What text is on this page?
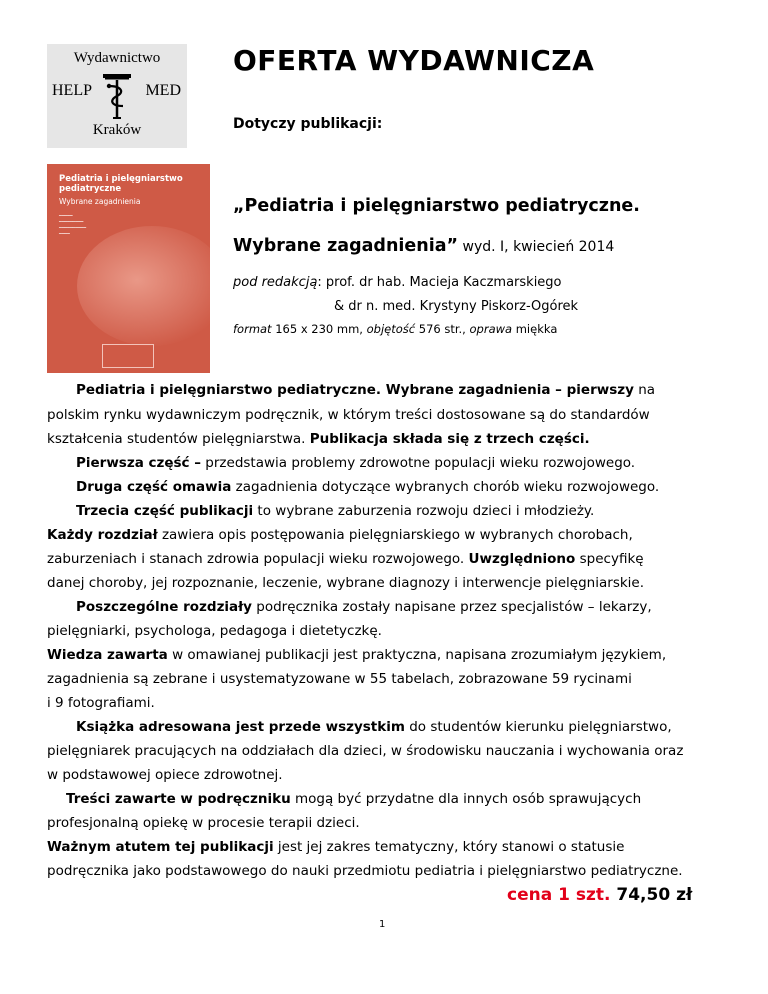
Wydawnictwo
HELP	MED
Kraków
OFERTA WYDAWNICZA
Dotyczy publikacji:
Pediatria i pielęgniarstwo
pediatryczne
Wybrane zagadnienia
━━━━━
━━━━━━━━━
━━━━━━━━━━
━━━━
„Pediatria i pielęgniarstwo pediatryczne.
Wybrane zagadnienia” wyd. I, kwiecień 2014
pod redakcją: prof. dr hab. Macieja Kaczmarskiego
& dr n. med. Krystyny Piskorz-Ogórek
format 165 x 230 mm, objętość 576 str., oprawa miękka
Pediatria i pielęgniarstwo pediatryczne. Wybrane zagadnienia – pierwszy na
polskim rynku wydawniczym podręcznik, w którym treści dostosowane są do standardów
kształcenia studentów pielęgniarstwa. Publikacja składa się z trzech części.
Pierwsza część – przedstawia problemy zdrowotne populacji wieku rozwojowego.
Druga część omawia zagadnienia dotyczące wybranych chorób wieku rozwojowego.
Trzecia część publikacji to wybrane zaburzenia rozwoju dzieci i młodzieży.
Każdy rozdział zawiera opis postępowania pielęgniarskiego w wybranych chorobach,
zaburzeniach i stanach zdrowia populacji wieku rozwojowego. Uwzględniono specyfikę
danej choroby, jej rozpoznanie, leczenie, wybrane diagnozy i interwencje pielęgniarskie.
Poszczególne rozdziały podręcznika zostały napisane przez specjalistów – lekarzy,
pielęgniarki, psychologa, pedagoga i dietetyczkę.
Wiedza zawarta w omawianej publikacji jest praktyczna, napisana zrozumiałym językiem,
zagadnienia są zebrane i usystematyzowane w 55 tabelach, zobrazowane 59 rycinami
i 9 fotografiami.
Książka adresowana jest przede wszystkim do studentów kierunku pielęgniarstwo,
pielęgniarek pracujących na oddziałach dla dzieci, w środowisku nauczania i wychowania oraz
w podstawowej opiece zdrowotnej.
Treści zawarte w podręczniku mogą być przydatne dla innych osób sprawujących
profesjonalną opiekę w procesie terapii dzieci.
Ważnym atutem tej publikacji jest jej zakres tematyczny, który stanowi o statusie
podręcznika jako podstawowego do nauki przedmiotu pediatria i pielęgniarstwo pediatryczne.
cena 1 szt. 74,50 zł
1
